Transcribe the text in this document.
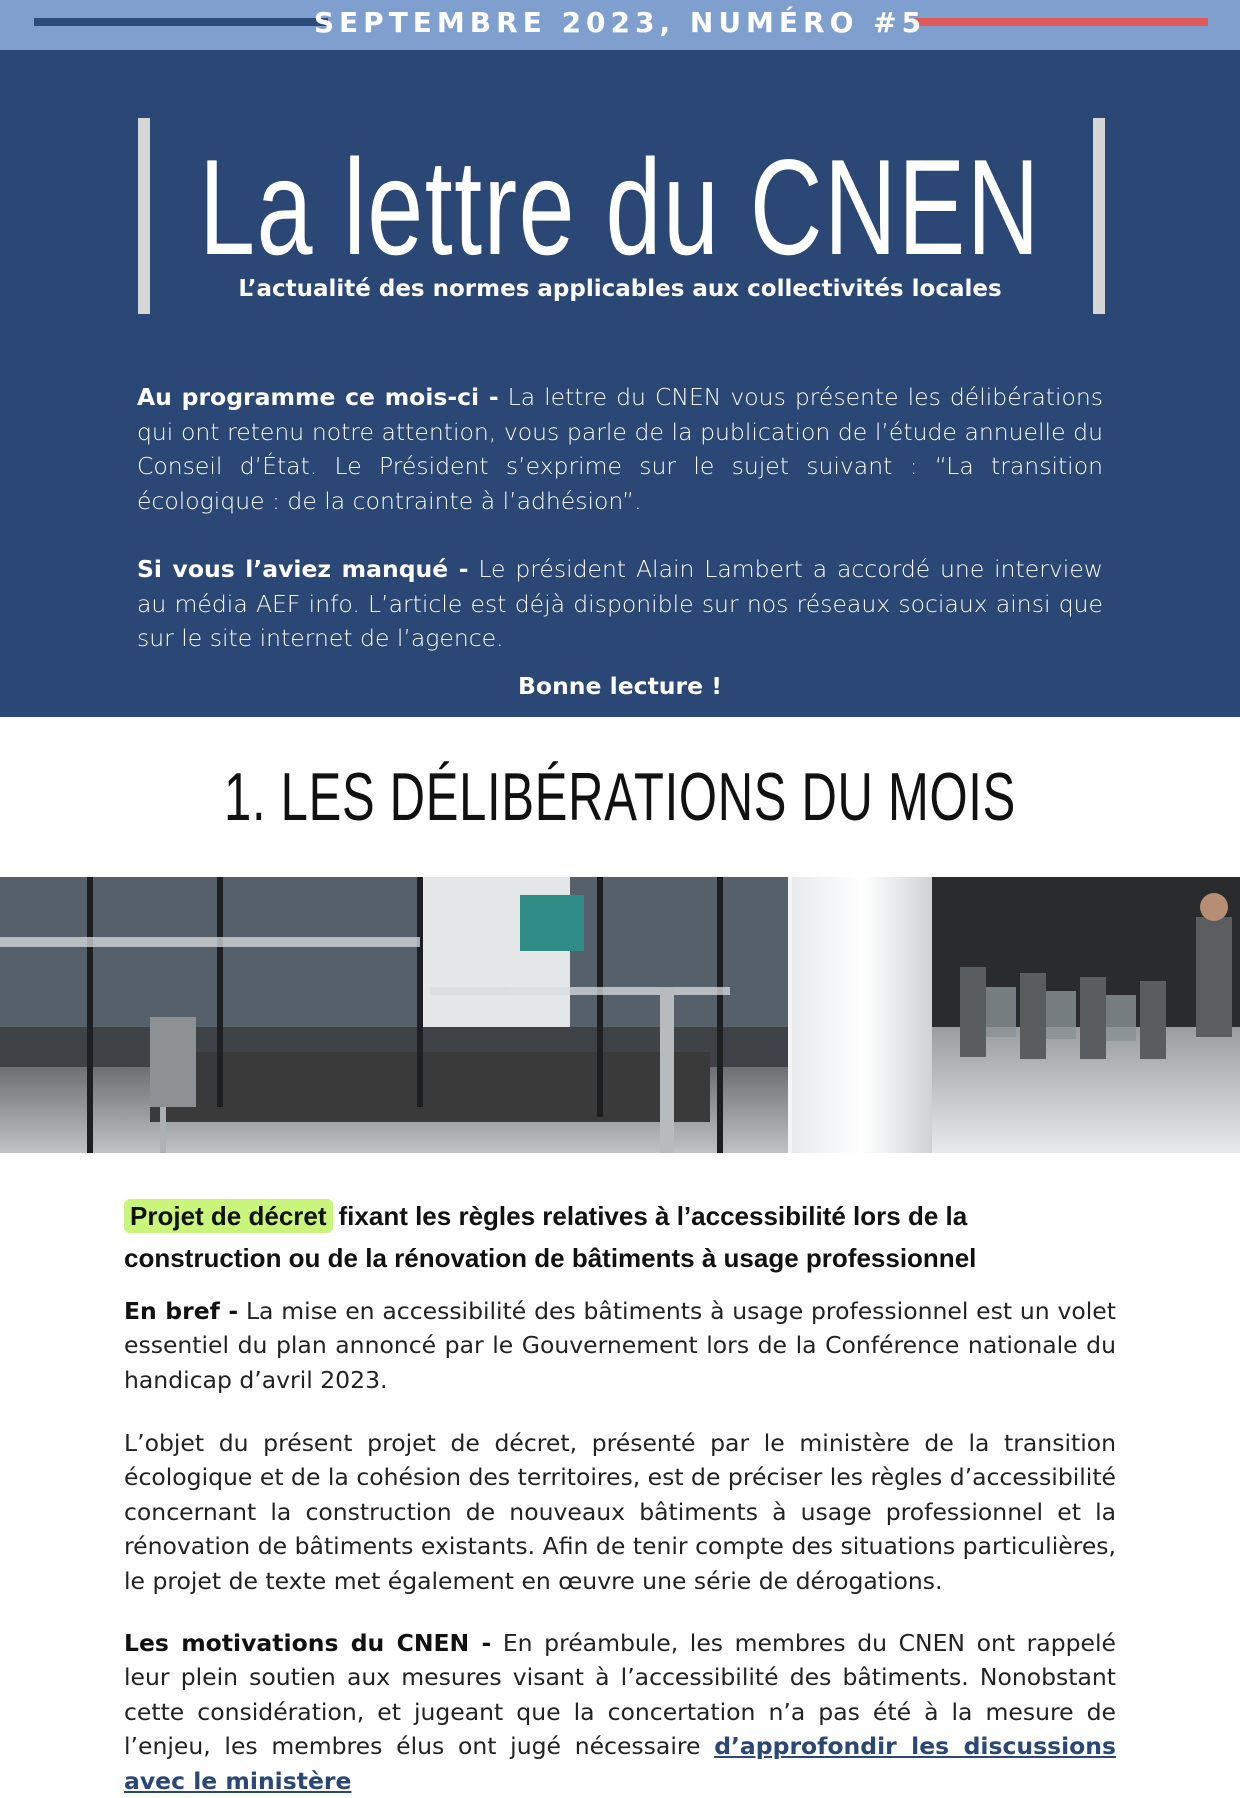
SEPTEMBRE 2023, NUMÉRO #5
La lettre du CNEN
L’actualité des normes applicables aux collectivités locales
Au programme ce mois-ci - La lettre du CNEN vous présente les délibérations qui ont retenu notre attention, vous parle de la publication de l’étude annuelle du Conseil d’État. Le Président s’exprime sur le sujet suivant : “La transition écologique : de la contrainte à l’adhésion”.
Si vous l’aviez manqué - Le président Alain Lambert a accordé une interview au média AEF info. L’article est déjà disponible sur nos réseaux sociaux ainsi que sur le site internet de l’agence.
Bonne lecture !
1. LES DÉLIBÉRATIONS DU MOIS
Projet de décret fixant les règles relatives à l’accessibilité lors de la construction ou de la rénovation de bâtiments à usage professionnel
En bref - La mise en accessibilité des bâtiments à usage professionnel est un volet essentiel du plan annoncé par le Gouvernement lors de la Conférence nationale du handicap d’avril 2023.
L’objet du présent projet de décret, présenté par le ministère de la transition écologique et de la cohésion des territoires, est de préciser les règles d’accessibilité concernant la construction de nouveaux bâtiments à usage professionnel et la rénovation de bâtiments existants. Afin de tenir compte des situations particulières, le projet de texte met également en œuvre une série de dérogations.
Les motivations du CNEN - En préambule, les membres du CNEN ont rappelé leur plein soutien aux mesures visant à l’accessibilité des bâtiments. Nonobstant cette considération, et jugeant que la concertation n’a pas été à la mesure de l’enjeu, les membres élus ont jugé nécessaire d’approfondir les discussions avec le ministère
